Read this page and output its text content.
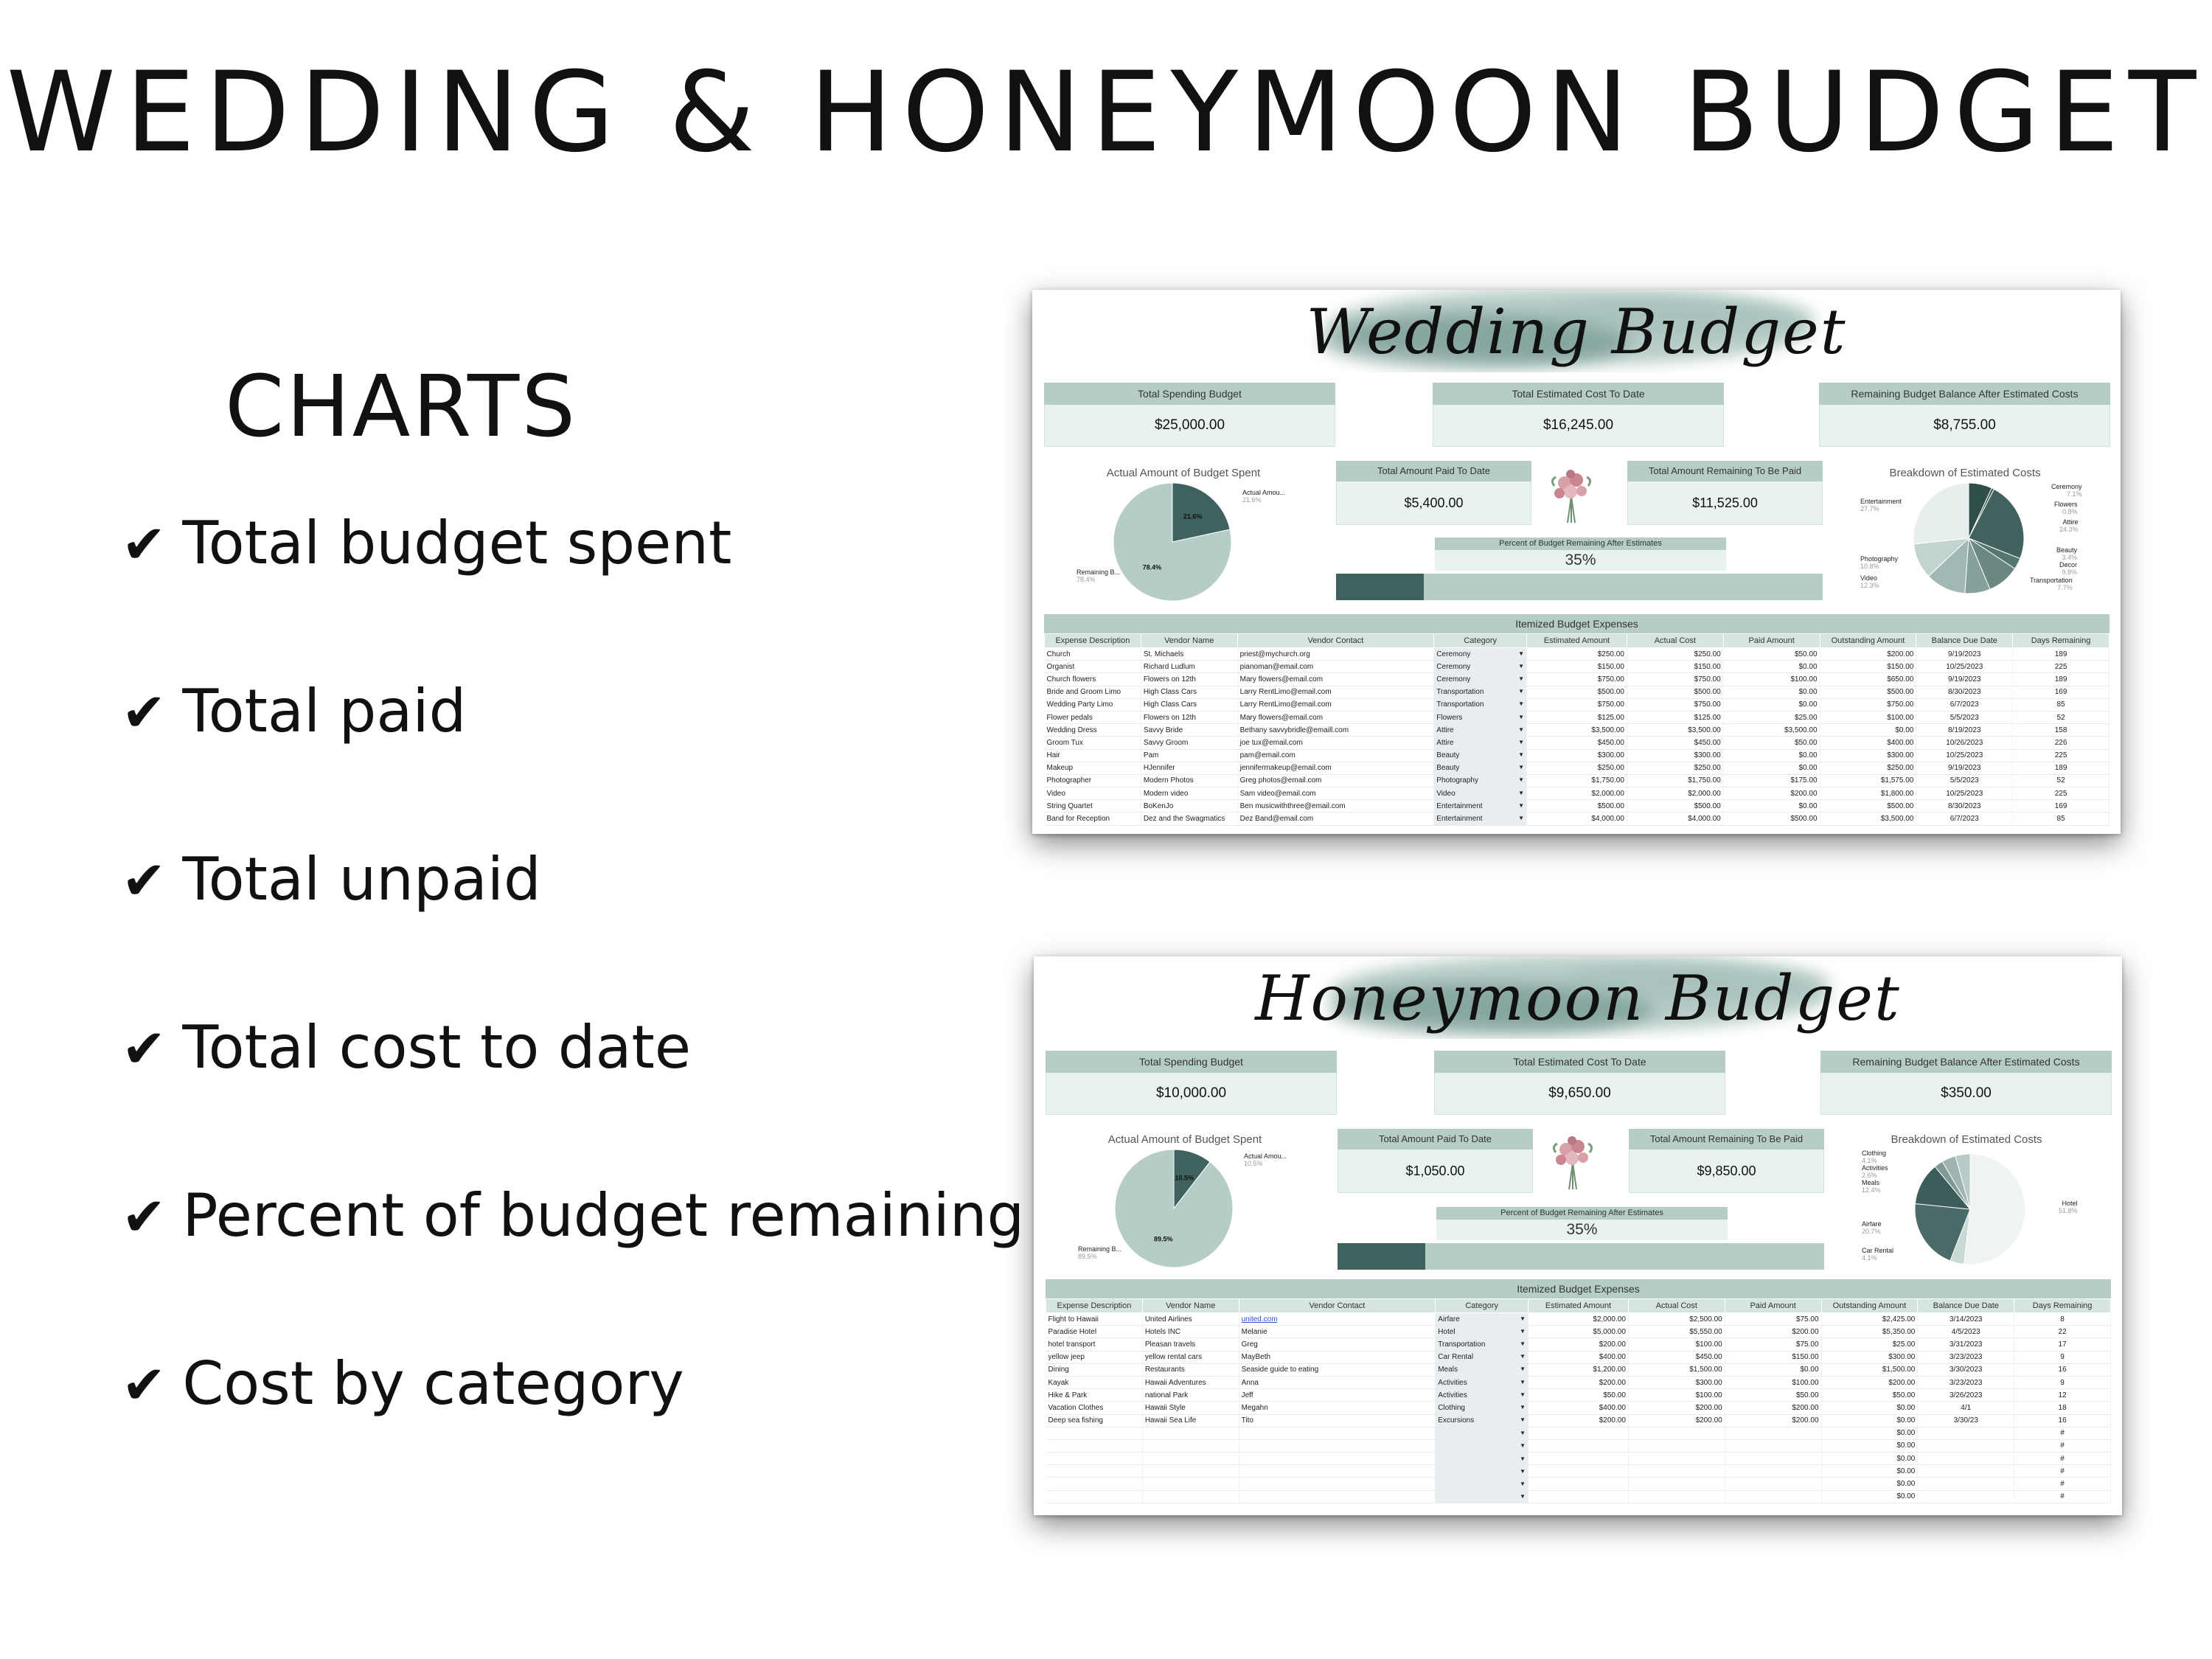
WEDDING & HONEYMOON BUDGET
CHARTS
✔ Total budget spent
✔ Total paid
✔ Total unpaid
✔ Total cost to date
✔ Percent of budget remaining
✔ Cost by category
Wedding Budget
Total Spending Budget
$25,000.00
Total Estimated Cost To Date
$16,245.00
Remaining Budget Balance After Estimated Costs
$8,755.00
Actual Amount of Budget Spent
21.6%
78.4%
Actual Amou...
21.6%
Remaining B...
78.4%
Total Amount Paid To Date
$5,400.00
Total Amount Remaining To Be Paid
$11,525.00
Breakdown of Estimated Costs
Ceremony
7.1%
Flowers
0.8%
Attire
24.3%
Beauty
3.4%
Decor
9.8%
Transportation
7.7%
Entertainment
27.7%
Photography
10.8%
Video
12.3%
Percent of Budget Remaining After Estimates
35%
Itemized Budget Expenses
Expense Description	Vendor Name	Vendor Contact	Category	Estimated Amount	Actual Cost	Paid Amount	Outstanding Amount	Balance Due Date	Days Remaining
Church	St. Michaels	priest@mychurch.org	Ceremony ▼	$250.00	$250.00	$50.00	$200.00	9/19/2023	189
Organist	Richard Ludlum	pianoman@email.com	Ceremony ▼	$150.00	$150.00	$0.00	$150.00	10/25/2023	225
Church flowers	Flowers on 12th	Mary flowers@email.com	Ceremony ▼	$750.00	$750.00	$100.00	$650.00	9/19/2023	189
Bride and Groom Limo	High Class Cars	Larry RentLimo@email.com	Transportation ▼	$500.00	$500.00	$0.00	$500.00	8/30/2023	169
Wedding Party Limo	High Class Cars	Larry RentLimo@email.com	Transportation ▼	$750.00	$750.00	$0.00	$750.00	6/7/2023	85
Flower pedals	Flowers on 12th	Mary flowers@email.com	Flowers ▼	$125.00	$125.00	$25.00	$100.00	5/5/2023	52
Wedding Dress	Savvy Bride	Bethany savvybridle@emaill.com	Attire ▼	$3,500.00	$3,500.00	$3,500.00	$0.00	8/19/2023	158
Groom Tux	Savvy Groom	joe tux@email.com	Attire ▼	$450.00	$450.00	$50.00	$400.00	10/26/2023	226
Hair	Pam	pam@email.com	Beauty ▼	$300.00	$300.00	$0.00	$300.00	10/25/2023	225
Makeup	HJennifer	jennifermakeup@email.com	Beauty ▼	$250.00	$250.00	$0.00	$250.00	9/19/2023	189
Photographer	Modern Photos	Greg photos@email.com	Photography ▼	$1,750.00	$1,750.00	$175.00	$1,575.00	5/5/2023	52
Video	Modern video	Sam video@email.com	Video ▼	$2,000.00	$2,000.00	$200.00	$1,800.00	10/25/2023	225
String Quartet	BoKenJo	Ben musicwiththree@email.com	Entertainment ▼	$500.00	$500.00	$0.00	$500.00	8/30/2023	169
Band for Reception	Dez and the Swagmatics	Dez Band@email.com	Entertainment ▼	$4,000.00	$4,000.00	$500.00	$3,500.00	6/7/2023	85
Honeymoon Budget
Total Spending Budget
$10,000.00
Total Estimated Cost To Date
$9,650.00
Remaining Budget Balance After Estimated Costs
$350.00
Actual Amount of Budget Spent
10.5%
89.5%
Actual Amou...
10.5%
Remaining B...
89.5%
Total Amount Paid To Date
$1,050.00
Total Amount Remaining To Be Paid
$9,850.00
Breakdown of Estimated Costs
Clothing
4.1%
Activities
2.6%
Meals
12.4%
Airfare
20.7%
Car Rental
4.1%
Hotel
51.8%
Percent of Budget Remaining After Estimates
35%
Itemized Budget Expenses
Expense Description	Vendor Name	Vendor Contact	Category	Estimated Amount	Actual Cost	Paid Amount	Outstanding Amount	Balance Due Date	Days Remaining
Flight to Hawaii	United Airlines	united.com	Airfare ▼	$2,000.00	$2,500.00	$75.00	$2,425.00	3/14/2023	8
Paradise Hotel	Hotels INC	Melanie	Hotel ▼	$5,000.00	$5,550.00	$200.00	$5,350.00	4/5/2023	22
hotel transport	Pleasan travels	Greg	Transportation ▼	$200.00	$100.00	$75.00	$25.00	3/31/2023	17
yellow jeep	yellow rental cars	MayBeth	Car Rental ▼	$400.00	$450.00	$150.00	$300.00	3/23/2023	9
Dining	Restaurants	Seaside guide to eating	Meals ▼	$1,200.00	$1,500.00	$0.00	$1,500.00	3/30/2023	16
Kayak	Hawaii Adventures	Anna	Activities ▼	$200.00	$300.00	$100.00	$200.00	3/23/2023	9
Hike & Park	national Park	Jeff	Activities ▼	$50.00	$100.00	$50.00	$50.00	3/26/2023	12
Vacation Clothes	Hawaii Style	Megahn	Clothing ▼	$400.00	$200.00	$200.00	$0.00	4/1	18
Deep sea fishing	Hawaii Sea Life	Tito	Excursions ▼	$200.00	$200.00	$200.00	$0.00	3/30/23	16

			▼				$0.00		#

			▼				$0.00		#

			▼				$0.00		#

			▼				$0.00		#

			▼				$0.00		#

			▼				$0.00		#
